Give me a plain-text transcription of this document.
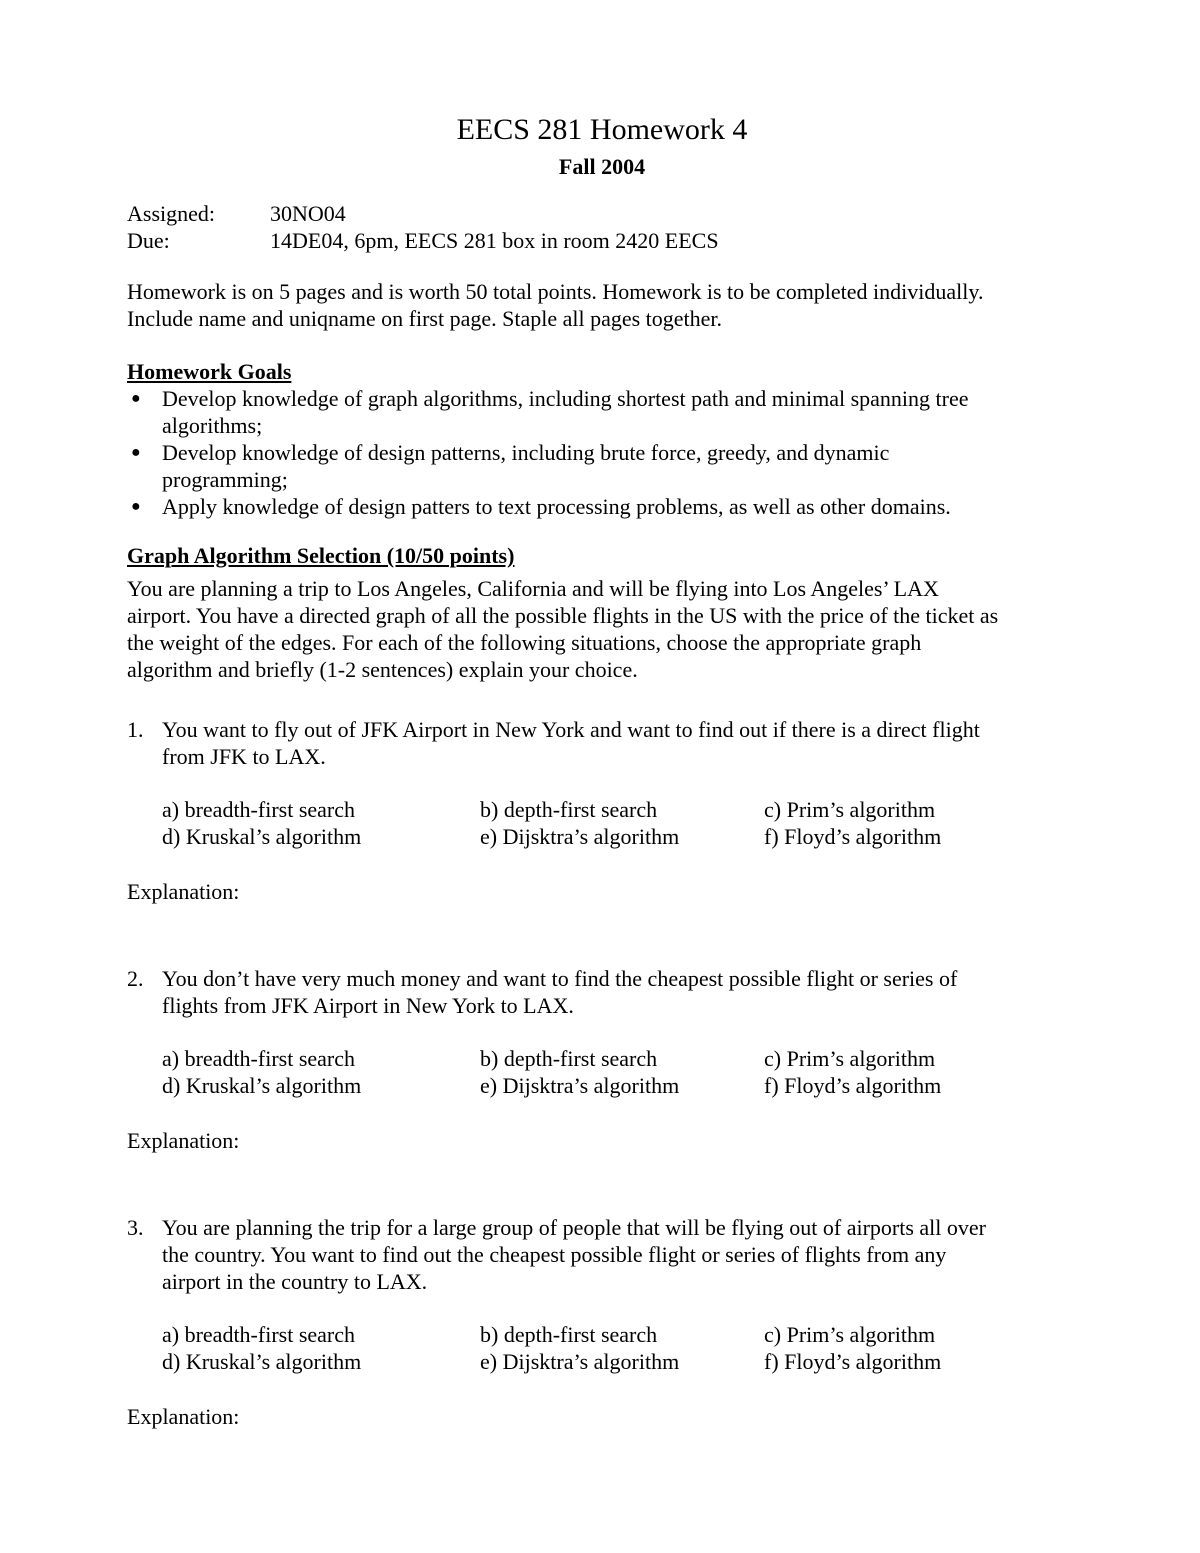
EECS 281 Homework 4
Fall 2004
Assigned:	30NO04
Due:	14DE04, 6pm, EECS 281 box in room 2420 EECS
Homework is on 5 pages and is worth 50 total points. Homework is to be completed individually.
Include name and uniqname on first page. Staple all pages together.
Homework Goals
● Develop knowledge of graph algorithms, including shortest path and minimal spanning tree
algorithms;
● Develop knowledge of design patterns, including brute force, greedy, and dynamic
programming;
● Apply knowledge of design patters to text processing problems, as well as other domains.
Graph Algorithm Selection (10/50 points)
You are planning a trip to Los Angeles, California and will be flying into Los Angeles’ LAX
airport. You have a directed graph of all the possible flights in the US with the price of the ticket as
the weight of the edges. For each of the following situations, choose the appropriate graph
algorithm and briefly (1-2 sentences) explain your choice.
1. You want to fly out of JFK Airport in New York and want to find out if there is a direct flight
from JFK to LAX.
a) breadth-first search	b) depth-first search	c) Prim’s algorithm
d) Kruskal’s algorithm	e) Dijsktra’s algorithm	f) Floyd’s algorithm
Explanation:
2. You don’t have very much money and want to find the cheapest possible flight or series of
flights from JFK Airport in New York to LAX.
a) breadth-first search	b) depth-first search	c) Prim’s algorithm
d) Kruskal’s algorithm	e) Dijsktra’s algorithm	f) Floyd’s algorithm
Explanation:
3. You are planning the trip for a large group of people that will be flying out of airports all over
the country. You want to find out the cheapest possible flight or series of flights from any
airport in the country to LAX.
a) breadth-first search	b) depth-first search	c) Prim’s algorithm
d) Kruskal’s algorithm	e) Dijsktra’s algorithm	f) Floyd’s algorithm
Explanation:
